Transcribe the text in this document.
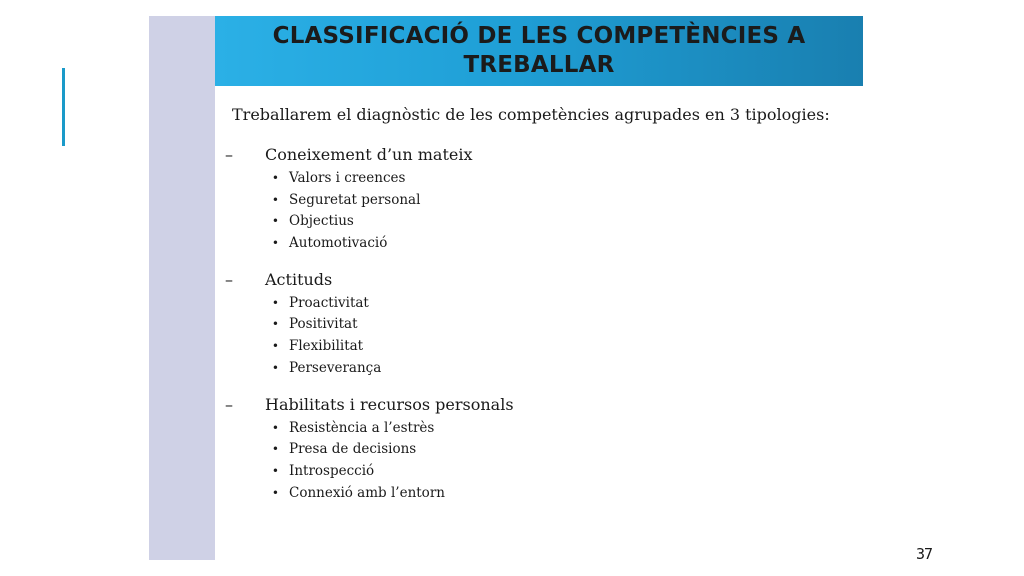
CLASSIFICACIÓ DE LES COMPETÈNCIES A TREBALLAR

Treballarem el diagnòstic de les competències agrupades en 3 tipologies:

–	Coneixement d’un mateix
• Valors i creences
• Seguretat personal
• Objectius
• Automotivació
–	Actituds
• Proactivitat
• Positivitat
• Flexibilitat
• Perseverança
–	Habilitats i recursos personals
• Resistència a l’estrès
• Presa de decisions
• Introspecció
• Connexió amb l’entorn
37
